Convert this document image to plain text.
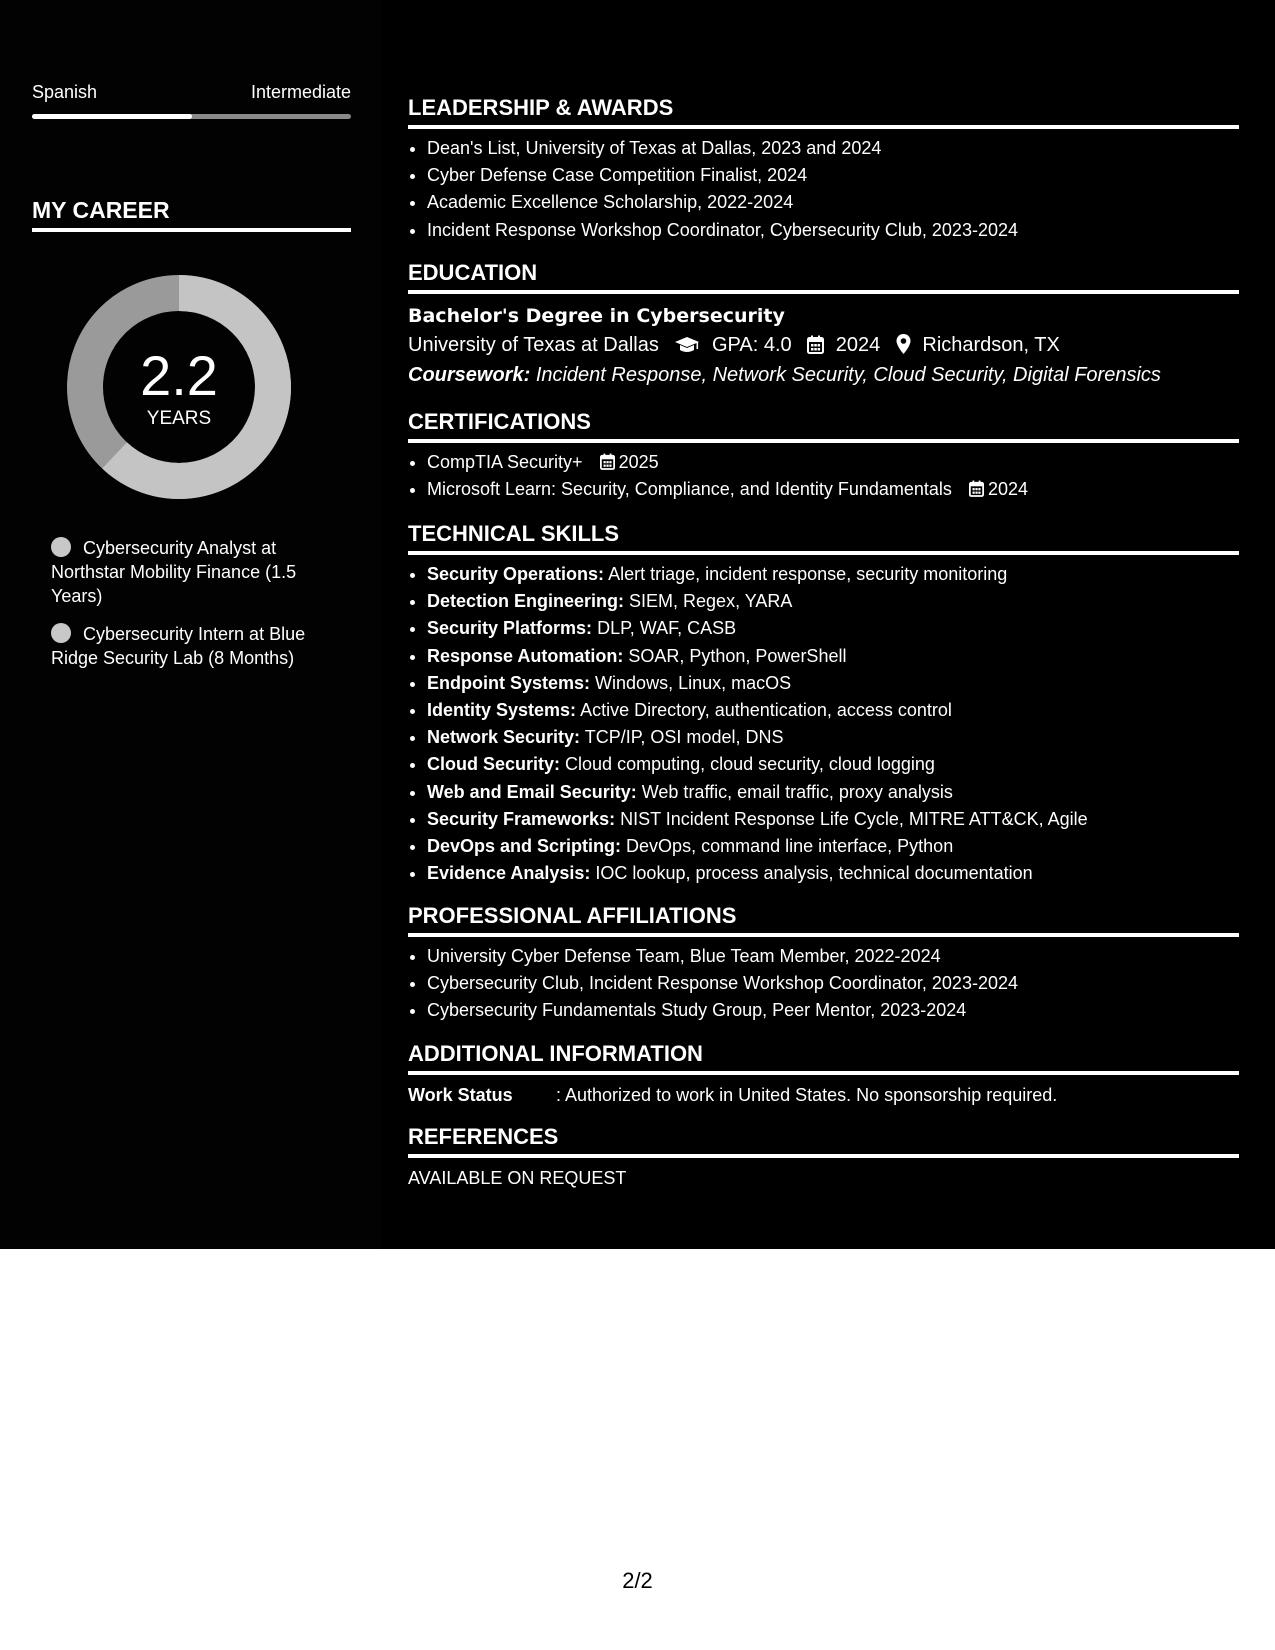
Spanish	Intermediate
MY CAREER
2.2
YEARS
Cybersecurity Analyst at Northstar Mobility Finance (1.5 Years)
Cybersecurity Intern at Blue Ridge Security Lab (8 Months)
LEADERSHIP & AWARDS
• Dean's List, University of Texas at Dallas, 2023 and 2024
• Cyber Defense Case Competition Finalist, 2024
• Academic Excellence Scholarship, 2022-2024
• Incident Response Workshop Coordinator, Cybersecurity Club, 2023-2024
EDUCATION
Bachelor's Degree in Cybersecurity
University of Texas at Dallas	GPA: 4.0 2024 Richardson, TX
Coursework: Incident Response, Network Security, Cloud Security, Digital Forensics
CERTIFICATIONS
• CompTIA Security+ 2025
• Microsoft Learn: Security, Compliance, and Identity Fundamentals 2024
TECHNICAL SKILLS
• Security Operations: Alert triage, incident response, security monitoring
• Detection Engineering: SIEM, Regex, YARA
• Security Platforms: DLP, WAF, CASB
• Response Automation: SOAR, Python, PowerShell
• Endpoint Systems: Windows, Linux, macOS
• Identity Systems: Active Directory, authentication, access control
• Network Security: TCP/IP, OSI model, DNS
• Cloud Security: Cloud computing, cloud security, cloud logging
• Web and Email Security: Web traffic, email traffic, proxy analysis
• Security Frameworks: NIST Incident Response Life Cycle, MITRE ATT&CK, Agile
• DevOps and Scripting: DevOps, command line interface, Python
• Evidence Analysis: IOC lookup, process analysis, technical documentation
PROFESSIONAL AFFILIATIONS
• University Cyber Defense Team, Blue Team Member, 2022-2024
• Cybersecurity Club, Incident Response Workshop Coordinator, 2023-2024
• Cybersecurity Fundamentals Study Group, Peer Mentor, 2023-2024
ADDITIONAL INFORMATION
Work Status : Authorized to work in United States. No sponsorship required.
REFERENCES
AVAILABLE ON REQUEST
2/2
